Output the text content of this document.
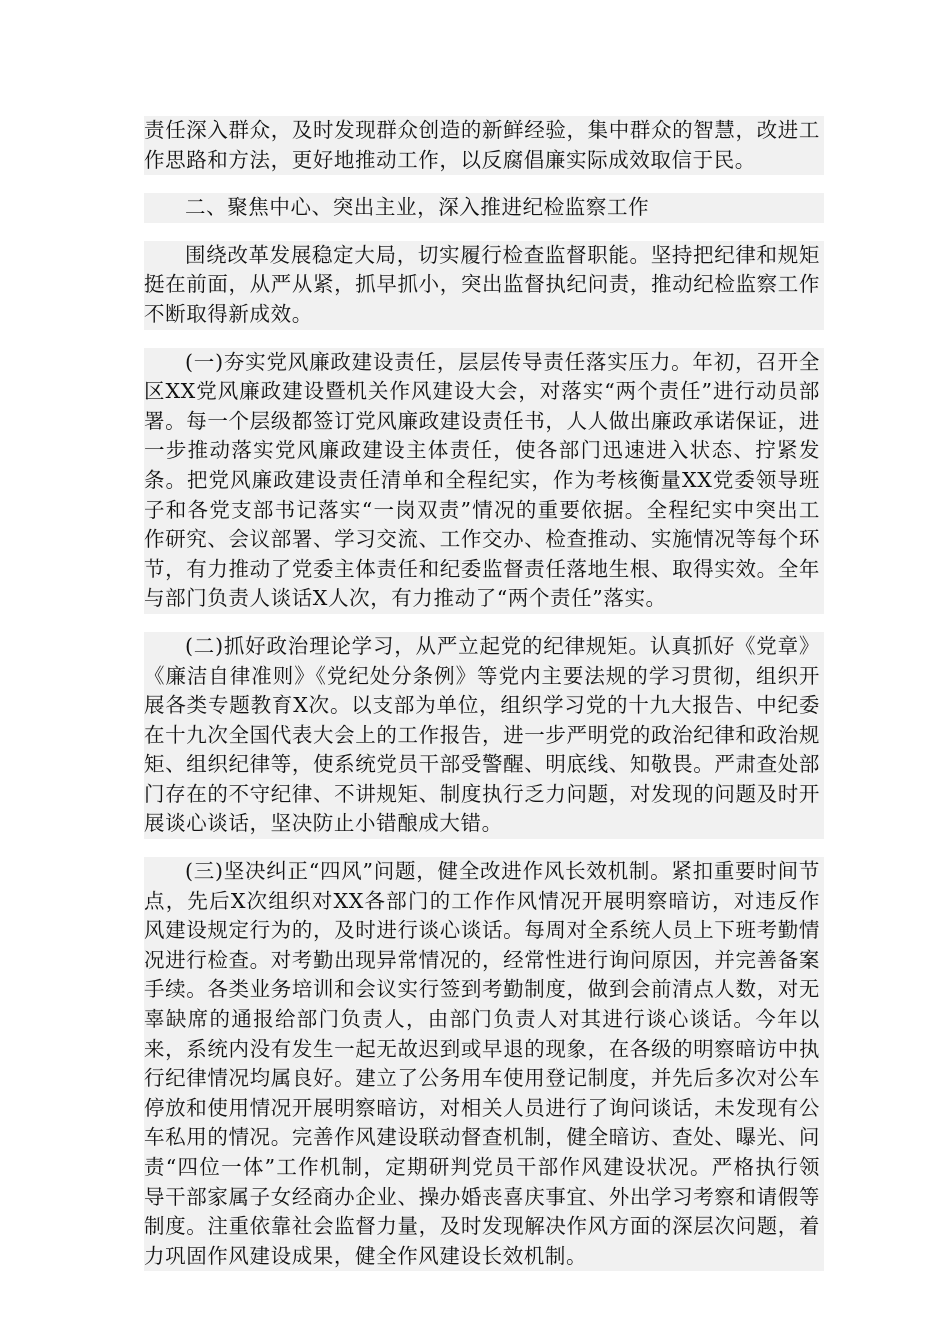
责任深入群众，及时发现群众创造的新鲜经验，集中群众的智慧，改进工作思路和方法，更好地推动工作，以反腐倡廉实际成效取信于民。

二、聚焦中心、突出主业，深入推进纪检监察工作

围绕改革发展稳定大局，切实履行检查监督职能。坚持把纪律和规矩挺在前面，从严从紧，抓早抓小，突出监督执纪问责，推动纪检监察工作不断取得新成效。

(一)夯实党风廉政建设责任，层层传导责任落实压力。年初，召开全区XX党风廉政建设暨机关作风建设大会，对落实“两个责任”进行动员部署。每一个层级都签订党风廉政建设责任书，人人做出廉政承诺保证，进一步推动落实党风廉政建设主体责任，使各部门迅速进入状态、拧紧发条。把党风廉政建设责任清单和全程纪实，作为考核衡量XX党委领导班子和各党支部书记落实“一岗双责”情况的重要依据。全程纪实中突出工作研究、会议部署、学习交流、工作交办、检查推动、实施情况等每个环节，有力推动了党委主体责任和纪委监督责任落地生根、取得实效。全年与部门负责人谈话X人次，有力推动了“两个责任”落实。

(二)抓好政治理论学习，从严立起党的纪律规矩。认真抓好《党章》《廉洁自律准则》《党纪处分条例》等党内主要法规的学习贯彻，组织开展各类专题教育X次。以支部为单位，组织学习党的十九大报告、中纪委在十九次全国代表大会上的工作报告，进一步严明党的政治纪律和政治规矩、组织纪律等，使系统党员干部受警醒、明底线、知敬畏。严肃查处部门存在的不守纪律、不讲规矩、制度执行乏力问题，对发现的问题及时开展谈心谈话，坚决防止小错酿成大错。

(三)坚决纠正“四风”问题，健全改进作风长效机制。紧扣重要时间节点，先后X次组织对XX各部门的工作作风情况开展明察暗访，对违反作风建设规定行为的，及时进行谈心谈话。每周对全系统人员上下班考勤情况进行检查。对考勤出现异常情况的，经常性进行询问原因，并完善备案手续。各类业务培训和会议实行签到考勤制度，做到会前清点人数，对无辜缺席的通报给部门负责人，由部门负责人对其进行谈心谈话。今年以来，系统内没有发生一起无故迟到或早退的现象，在各级的明察暗访中执行纪律情况均属良好。建立了公务用车使用登记制度，并先后多次对公车停放和使用情况开展明察暗访，对相关人员进行了询问谈话，未发现有公车私用的情况。完善作风建设联动督查机制，健全暗访、查处、曝光、问责“四位一体”工作机制，定期研判党员干部作风建设状况。严格执行领导干部家属子女经商办企业、操办婚丧喜庆事宜、外出学习考察和请假等制度。注重依靠社会监督力量，及时发现解决作风方面的深层次问题，着力巩固作风建设成果，健全作风建设长效机制。
